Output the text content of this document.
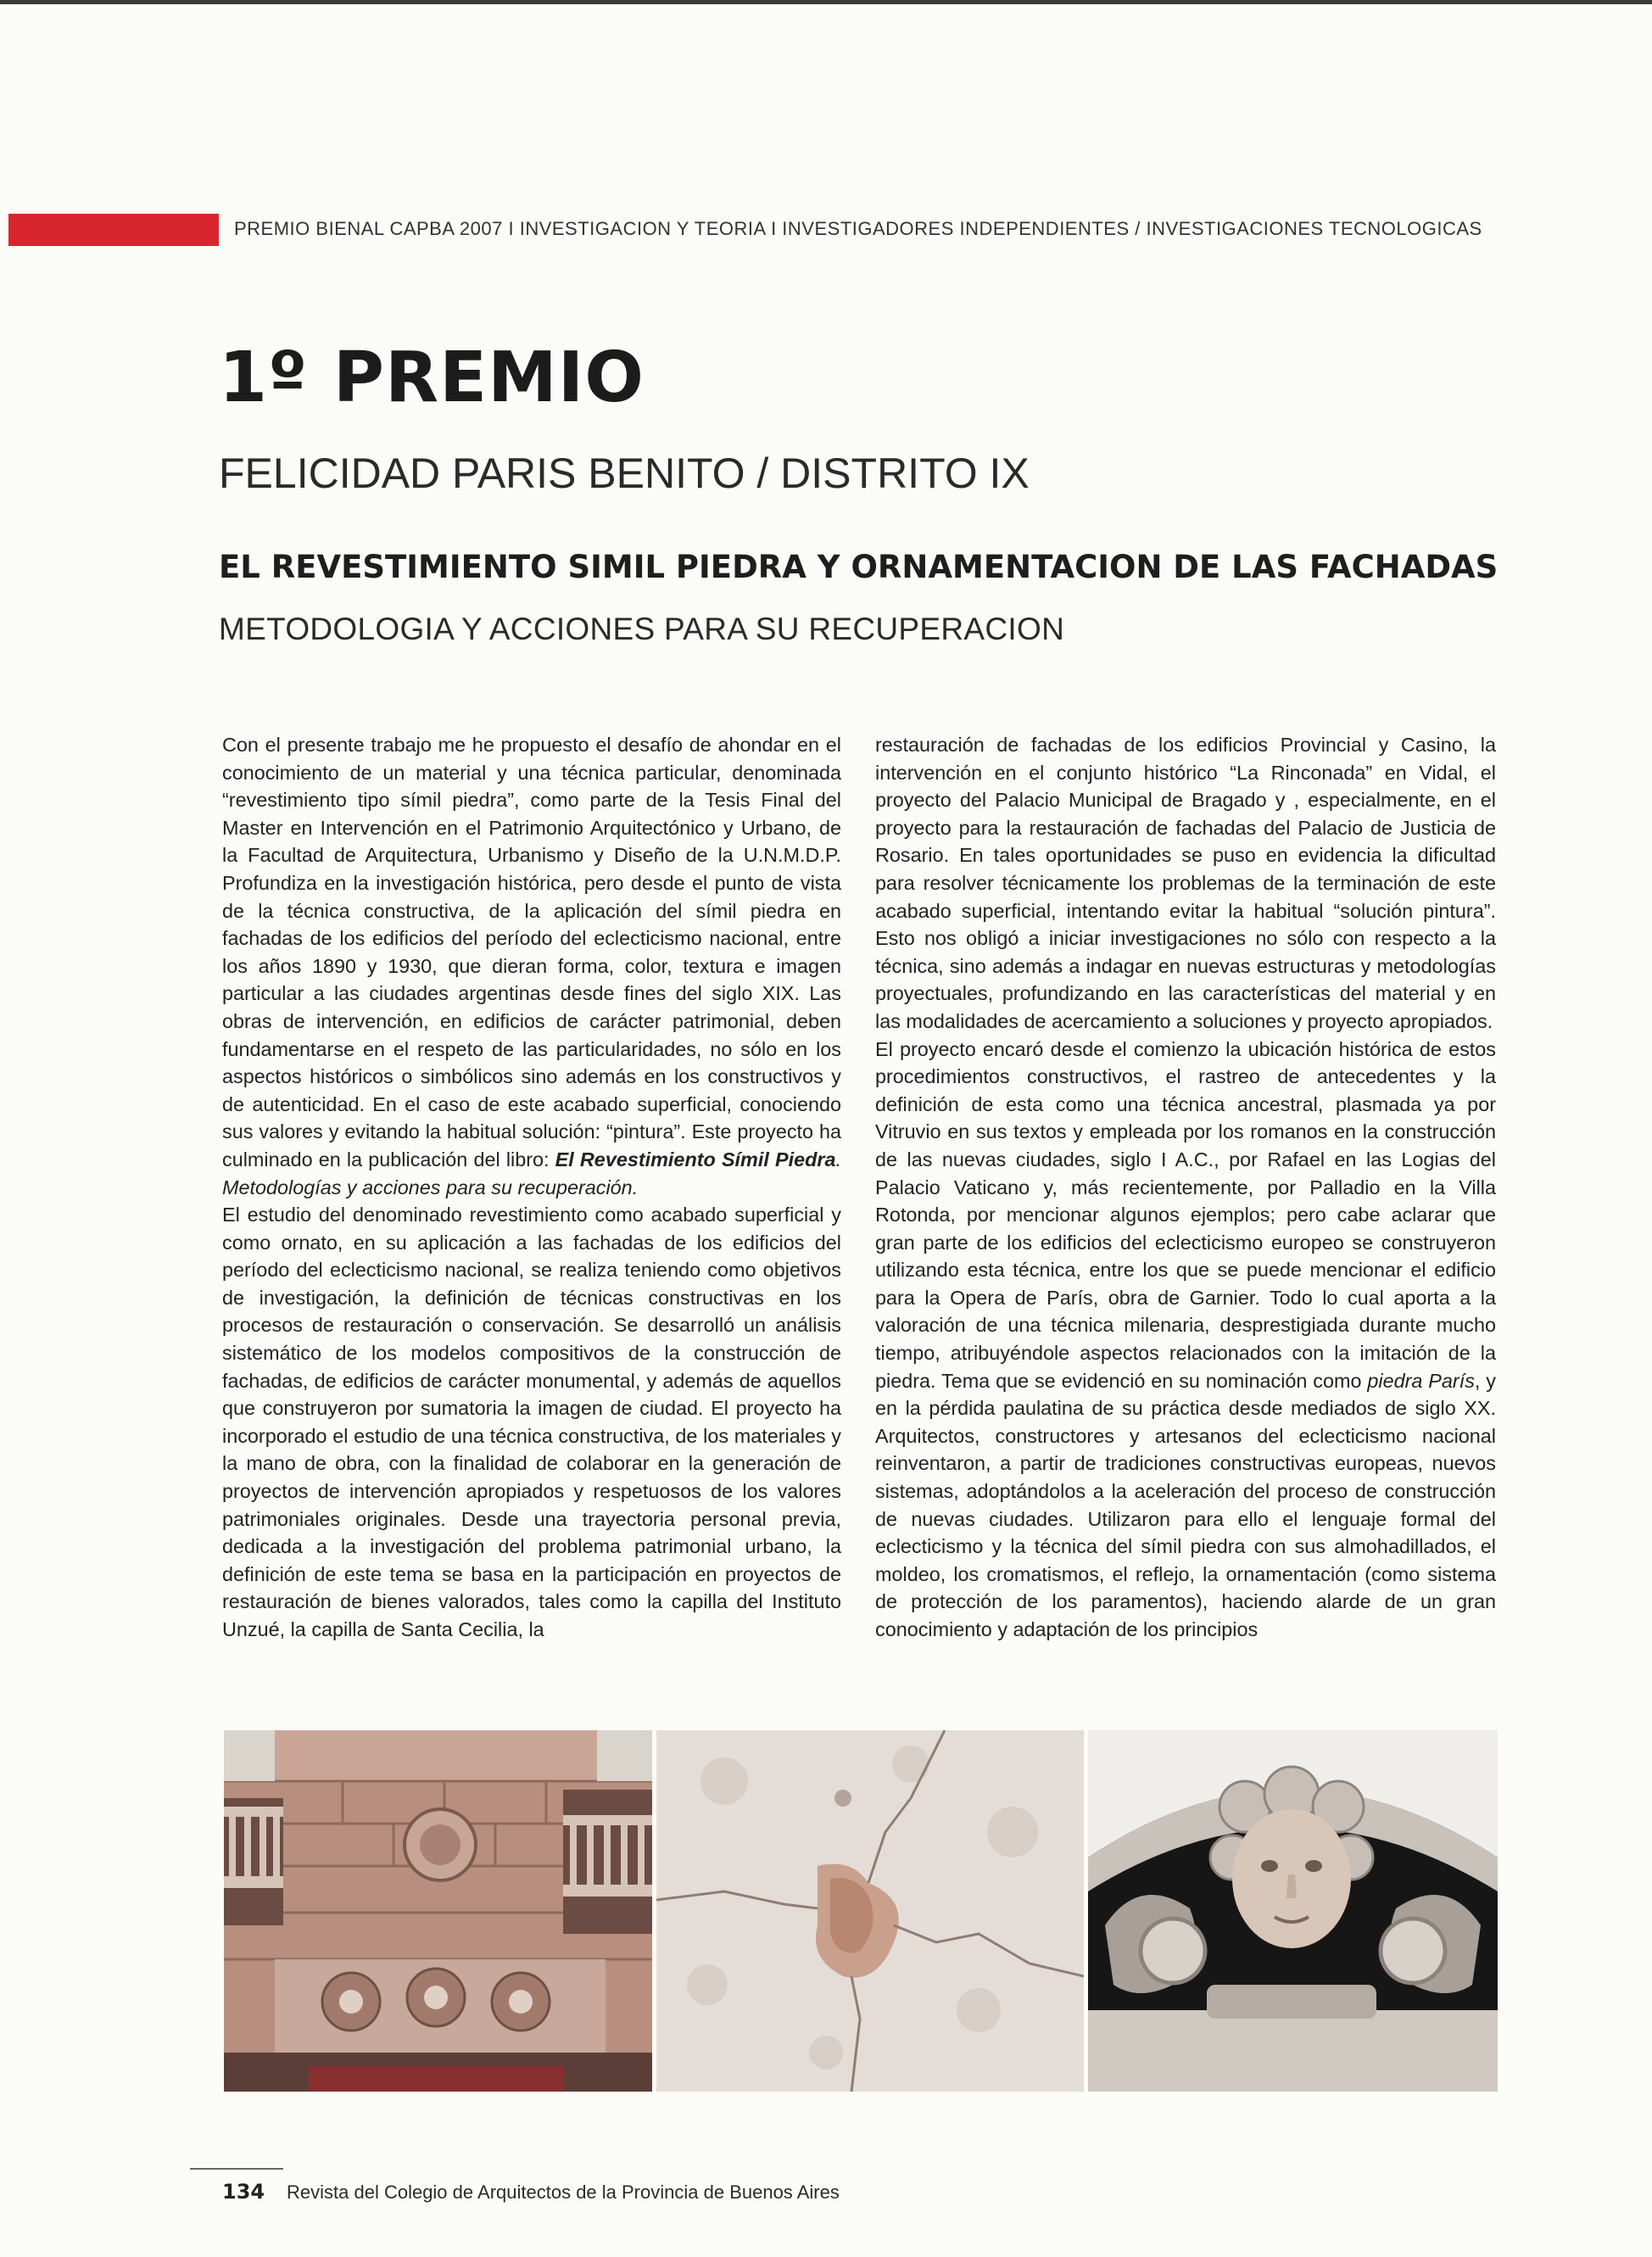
PREMIO BIENAL CAPBA 2007 I INVESTIGACION Y TEORIA I INVESTIGADORES INDEPENDIENTES / INVESTIGACIONES TECNOLOGICAS
1º PREMIO
FELICIDAD PARIS BENITO / DISTRITO IX
EL REVESTIMIENTO SIMIL PIEDRA Y ORNAMENTACION DE LAS FACHADAS
METODOLOGIA Y ACCIONES PARA SU RECUPERACION

Con el presente trabajo me he propuesto el desafío de ahondar en el conocimiento de un material y una técnica particular, denominada “revestimiento tipo símil piedra”, como parte de la Tesis Final del Master en Intervención en el Patrimonio Arquitectónico y Urbano, de la Facultad de Arquitectura, Urbanismo y Diseño de la U.N.M.D.P. Profundiza en la investigación histórica, pero desde el punto de vista de la técnica constructiva, de la aplicación del símil piedra en fachadas de los edificios del período del eclecticismo nacional, entre los años 1890 y 1930, que dieran forma, color, textura e imagen particular a las ciudades argentinas desde fines del siglo XIX. Las obras de intervención, en edificios de carácter patrimonial, deben fundamentarse en el respeto de las particularidades, no sólo en los aspectos históricos o simbólicos sino además en los constructivos y de autenticidad. En el caso de este acabado superficial, conociendo sus valores y evitando la habitual solución: “pintura”. Este proyecto ha culminado en la publicación del libro: El Revestimiento Símil Piedra. Metodologías y acciones para su recuperación.

El estudio del denominado revestimiento como acabado superficial y como ornato, en su aplicación a las fachadas de los edificios del período del eclecticismo nacional, se realiza teniendo como objetivos de investigación, la definición de técnicas constructivas en los procesos de restauración o conservación. Se desarrolló un análisis sistemático de los modelos compositivos de la construcción de fachadas, de edificios de carácter monumental, y además de aquellos que construyeron por sumatoria la imagen de ciudad. El proyecto ha incorporado el estudio de una técnica constructiva, de los materiales y la mano de obra, con la finalidad de colaborar en la generación de proyectos de intervención apropiados y respetuosos de los valores patrimoniales originales. Desde una trayectoria personal previa, dedicada a la investigación del problema patrimonial urbano, la definición de este tema se basa en la participación en proyectos de restauración de bienes valorados, tales como la capilla del Instituto Unzué, la capilla de Santa Cecilia, la

restauración de fachadas de los edificios Provincial y Casino, la intervención en el conjunto histórico “La Rinconada” en Vidal, el proyecto del Palacio Municipal de Bragado y , especialmente, en el proyecto para la restauración de fachadas del Palacio de Justicia de Rosario. En tales oportunidades se puso en evidencia la dificultad para resolver técnicamente los problemas de la terminación de este acabado superficial, intentando evitar la habitual “solución pintura”. Esto nos obligó a iniciar investigaciones no sólo con respecto a la técnica, sino además a indagar en nuevas estructuras y metodologías proyectuales, profundizando en las características del material y en las modalidades de acercamiento a soluciones y proyecto apropiados.

El proyecto encaró desde el comienzo la ubicación histórica de estos procedimientos constructivos, el rastreo de antecedentes y la definición de esta como una técnica ancestral, plasmada ya por Vitruvio en sus textos y empleada por los romanos en la construcción de las nuevas ciudades, siglo I A.C., por Rafael en las Logias del Palacio Vaticano y, más recientemente, por Palladio en la Villa Rotonda, por mencionar algunos ejemplos; pero cabe aclarar que gran parte de los edificios del eclecticismo europeo se construyeron utilizando esta técnica, entre los que se puede mencionar el edificio para la Opera de París, obra de Garnier. Todo lo cual aporta a la valoración de una técnica milenaria, desprestigiada durante mucho tiempo, atribuyéndole aspectos relacionados con la imitación de la piedra. Tema que se evidenció en su nominación como piedra París, y en la pérdida paulatina de su práctica desde mediados de siglo XX. Arquitectos, constructores y artesanos del eclecticismo nacional reinventaron, a partir de tradiciones constructivas europeas, nuevos sistemas, adoptándolos a la aceleración del proceso de construcción de nuevas ciudades. Utilizaron para ello el lenguaje formal del eclecticismo y la técnica del símil piedra con sus almohadillados, el moldeo, los cromatismos, el reflejo, la ornamentación (como sistema de protección de los paramentos), haciendo alarde de un gran conocimiento y adaptación de los principios

134 Revista del Colegio de Arquitectos de la Provincia de Buenos Aires
